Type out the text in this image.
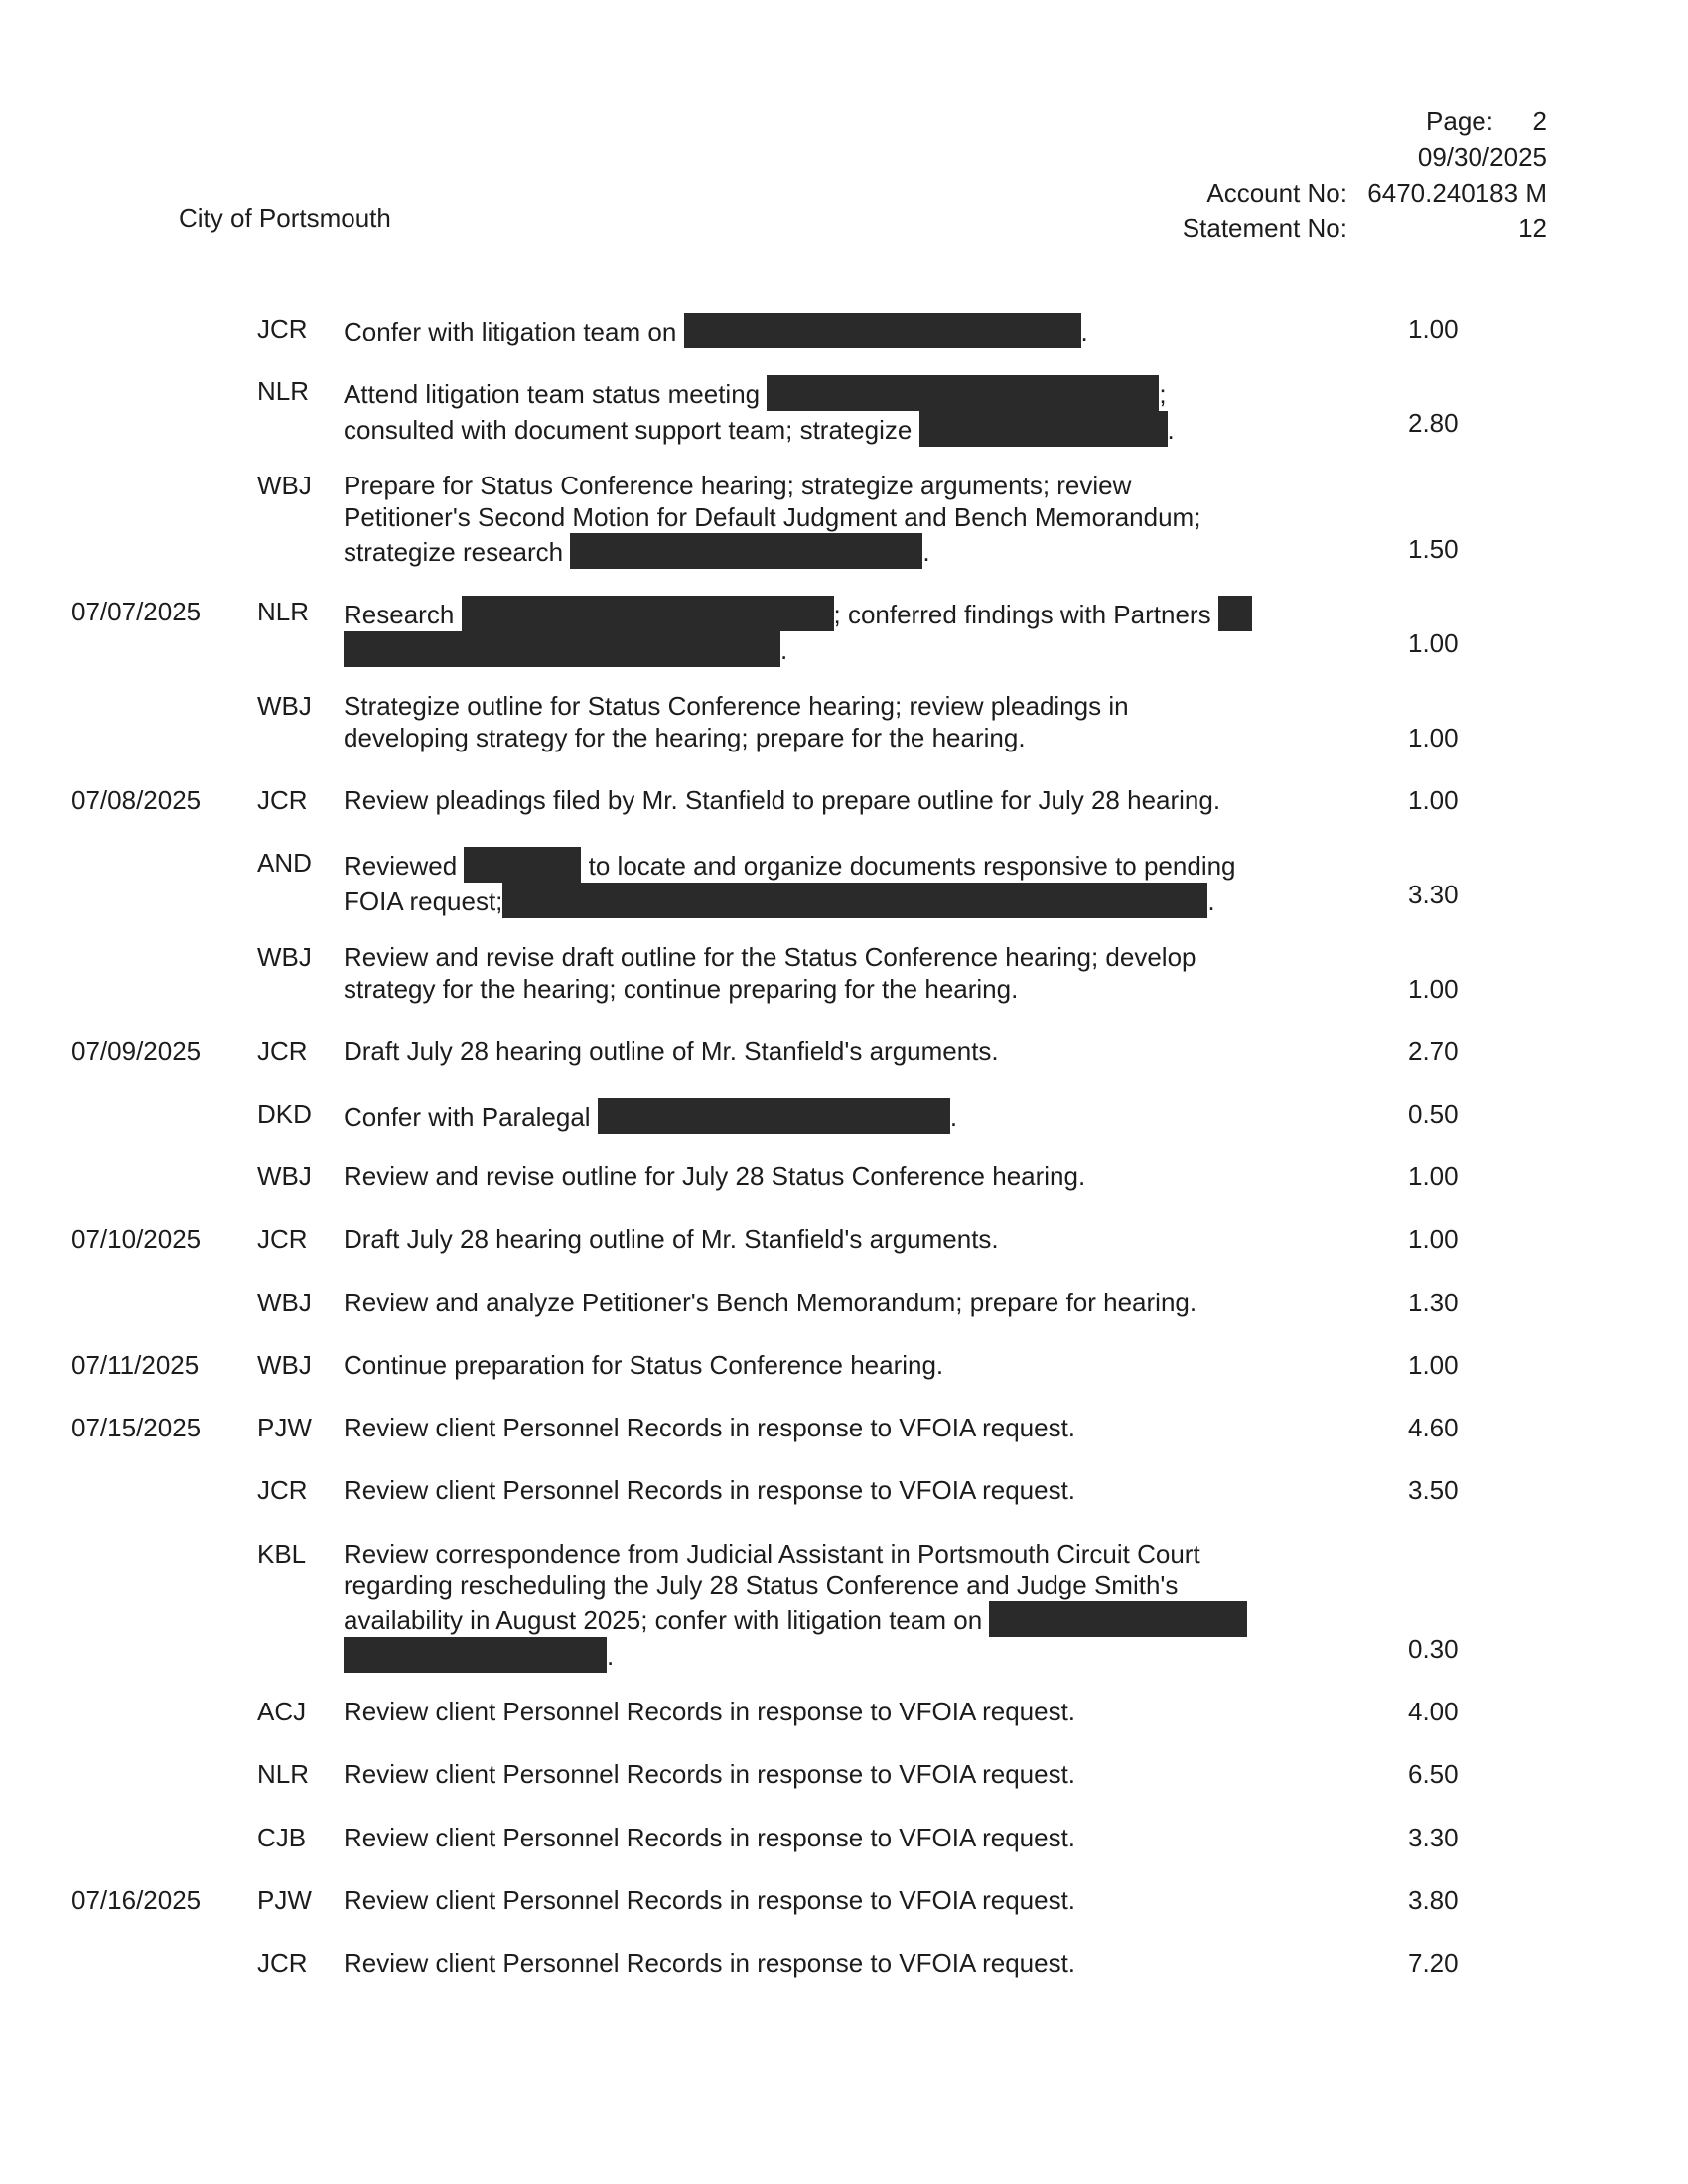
City of Portsmouth
Page: 2
09/30/2025
Account No: 6470.240183 M
Statement No:	12
JCR Confer with litigation team on	.	1.00
NLR Attend litigation team status meeting	;
consulted with document support team; strategize	.	2.80
WBJ Prepare for Status Conference hearing; strategize arguments; review
Petitioner's Second Motion for Default Judgment and Bench Memorandum;
strategize research	.	1.50
07/07/2025 NLR Research	; conferred findings with Partners
.	1.00
WBJ Strategize outline for Status Conference hearing; review pleadings in
developing strategy for the hearing; prepare for the hearing.	1.00
07/08/2025 JCR Review pleadings filed by Mr. Stanfield to prepare outline for July 28 hearing.	1.00
AND Reviewed	to locate and organize documents responsive to pending
FOIA request;	.	3.30
WBJ Review and revise draft outline for the Status Conference hearing; develop
strategy for the hearing; continue preparing for the hearing.	1.00
07/09/2025 JCR Draft July 28 hearing outline of Mr. Stanfield's arguments.	2.70
DKD Confer with Paralegal	.	0.50
WBJ Review and revise outline for July 28 Status Conference hearing.	1.00
07/10/2025 JCR Draft July 28 hearing outline of Mr. Stanfield's arguments.	1.00
WBJ Review and analyze Petitioner's Bench Memorandum; prepare for hearing.	1.30
07/11/2025 WBJ Continue preparation for Status Conference hearing.	1.00
07/15/2025 PJW Review client Personnel Records in response to VFOIA request.	4.60
JCR Review client Personnel Records in response to VFOIA request.	3.50
KBL Review correspondence from Judicial Assistant in Portsmouth Circuit Court
regarding rescheduling the July 28 Status Conference and Judge Smith's
availability in August 2025; confer with litigation team on
.	0.30
ACJ Review client Personnel Records in response to VFOIA request.	4.00
NLR Review client Personnel Records in response to VFOIA request.	6.50
CJB Review client Personnel Records in response to VFOIA request.	3.30
07/16/2025 PJW Review client Personnel Records in response to VFOIA request.	3.80
JCR Review client Personnel Records in response to VFOIA request.	7.20
